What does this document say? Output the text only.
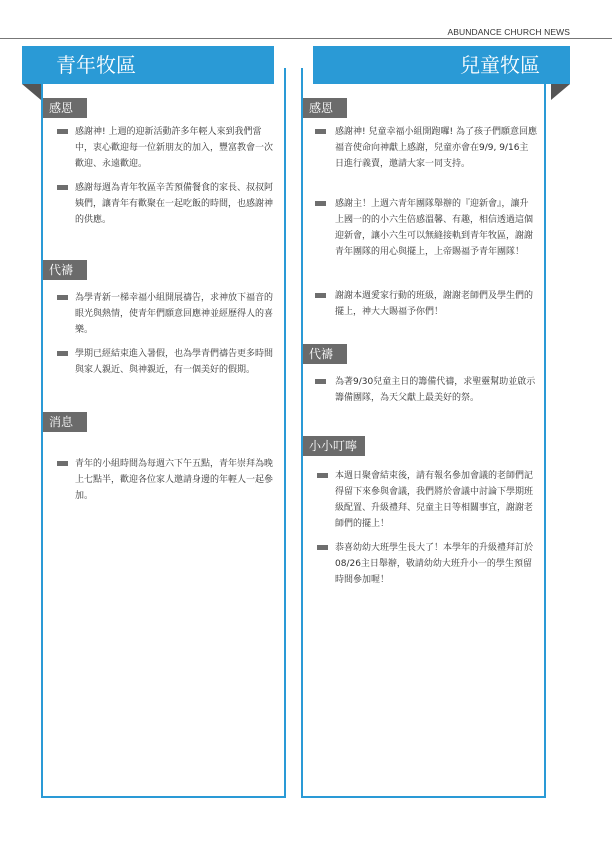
ABUNDANCE CHURCH NEWS
感恩
感謝神! 上週的迎新活動許多年輕人來到我們當中，衷心歡迎每一位新朋友的加入，豐富教會一次歡迎、永遠歡迎。
感謝每週為青年牧區辛苦預備餐食的家長、叔叔阿姨們，讓青年有歡聚在一起吃飯的時間，也感謝神的供應。
代禱
為學青新一梯幸福小組開展禱告，求神放下福音的眼光與熱情，使青年們願意回應神並經歷得人的喜樂。
學期已經結束進入暑假，也為學青們禱告更多時間與家人親近、與神親近，有一個美好的假期。
消息
青年的小組時間為每週六下午五點，青年崇拜為晚上七點半，歡迎各位家人邀請身邊的年輕人一起參加。
感恩
感謝神! 兒童幸福小組開跑囉! 為了孩子們願意回應福音使命向神獻上感謝，兒童亦會在9/9, 9/16主日進行義賣，邀請大家一同支持。
感謝主！上週六青年團隊舉辦的『迎新會』，讓升上國一的的小六生倍感溫馨、有趣，相信透過這個迎新會，讓小六生可以無縫接軌到青年牧區，謝謝青年團隊的用心與擺上，上帝賜福予青年團隊！
謝謝本週愛家行動的班級，謝謝老師們及學生們的擺上，神大大賜福予你們！
代禱
為著9/30兒童主日的籌備代禱，求聖靈幫助並啟示籌備團隊，為天父獻上最美好的祭。
小小叮嚀
本週日聚會結束後，請有報名參加會議的老師們記得留下來參與會議，我們將於會議中討論下學期班級配置、升級禮拜、兒童主日等相關事宜，謝謝老師們的擺上！
恭喜幼幼大班學生長大了！本學年的升級禮拜訂於08/26主日舉辦，敬請幼幼大班升小一的學生預留時間參加喔！
青年牧區	兒童牧區
